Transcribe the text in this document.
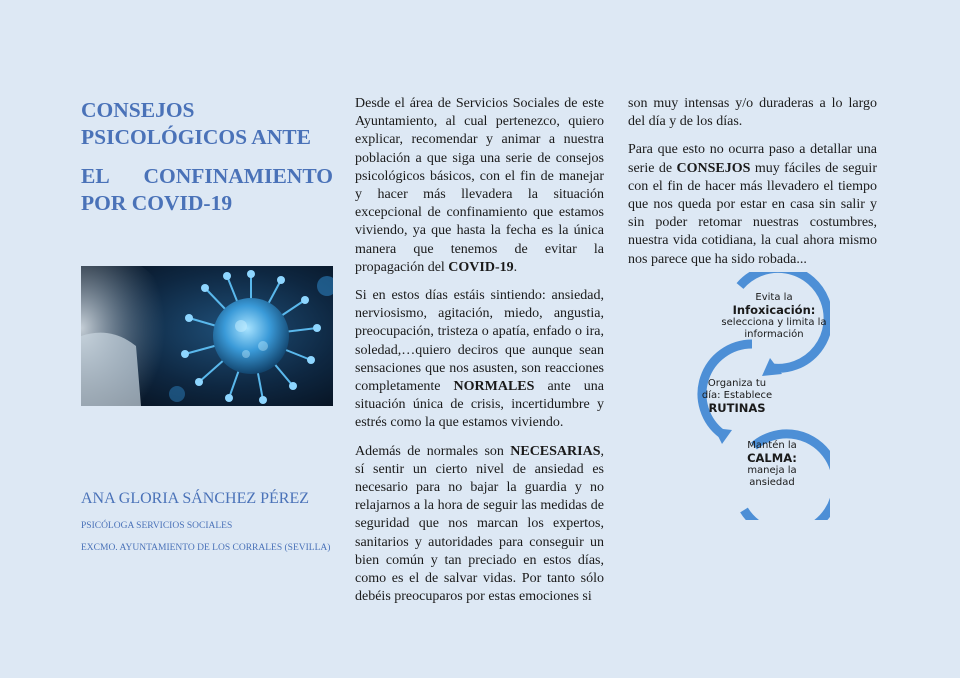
CONSEJOS
PSICOLÓGICOS ANTE
EL CONFINAMIENTO
POR COVID-19
ANA GLORIA SÁNCHEZ PÉREZ
PSICÓLOGA SERVICIOS SOCIALES
EXCMO. AYUNTAMIENTO DE LOS CORRALES (SEVILLA)

Desde el área de Servicios Sociales de este Ayuntamiento, al cual pertenezco, quiero explicar, recomendar y animar a nuestra población a que siga una serie de consejos psicológicos básicos, con el fin de manejar y hacer más llevadera la situación excepcional de confinamiento que estamos viviendo, ya que hasta la fecha es la única manera que tenemos de evitar la propagación del COVID-19.

Si en estos días estáis sintiendo: ansiedad, nerviosismo, agitación, miedo, angustia, preocupación, tristeza o apatía, enfado o ira, soledad,…quiero deciros que aunque sean sensaciones que nos asusten, son reacciones completamente NORMALES ante una situación única de crisis, incertidumbre y estrés como la que estamos viviendo.

Además de normales son NECESARIAS, sí sentir un cierto nivel de ansiedad es necesario para no bajar la guardia y no relajarnos a la hora de seguir las medidas de seguridad que nos marcan los expertos, sanitarios y autoridades para conseguir un bien común y tan preciado en estos días, como es el de salvar vidas. Por tanto sólo debéis preocuparos por estas emociones si

son muy intensas y/o duraderas a lo largo del día y de los días.

Para que esto no ocurra paso a detallar una serie de CONSEJOS muy fáciles de seguir con el fin de hacer más llevadero el tiempo que nos queda por estar en casa sin salir y sin poder retomar nuestras costumbres, nuestra vida cotidiana, la cual ahora mismo nos parece que ha sido robada...

Evita la
Infoxicación:
selecciona y limita la información
Organiza tu día: Establece
RUTINAS
Mantén la
CALMA:
maneja la ansiedad
